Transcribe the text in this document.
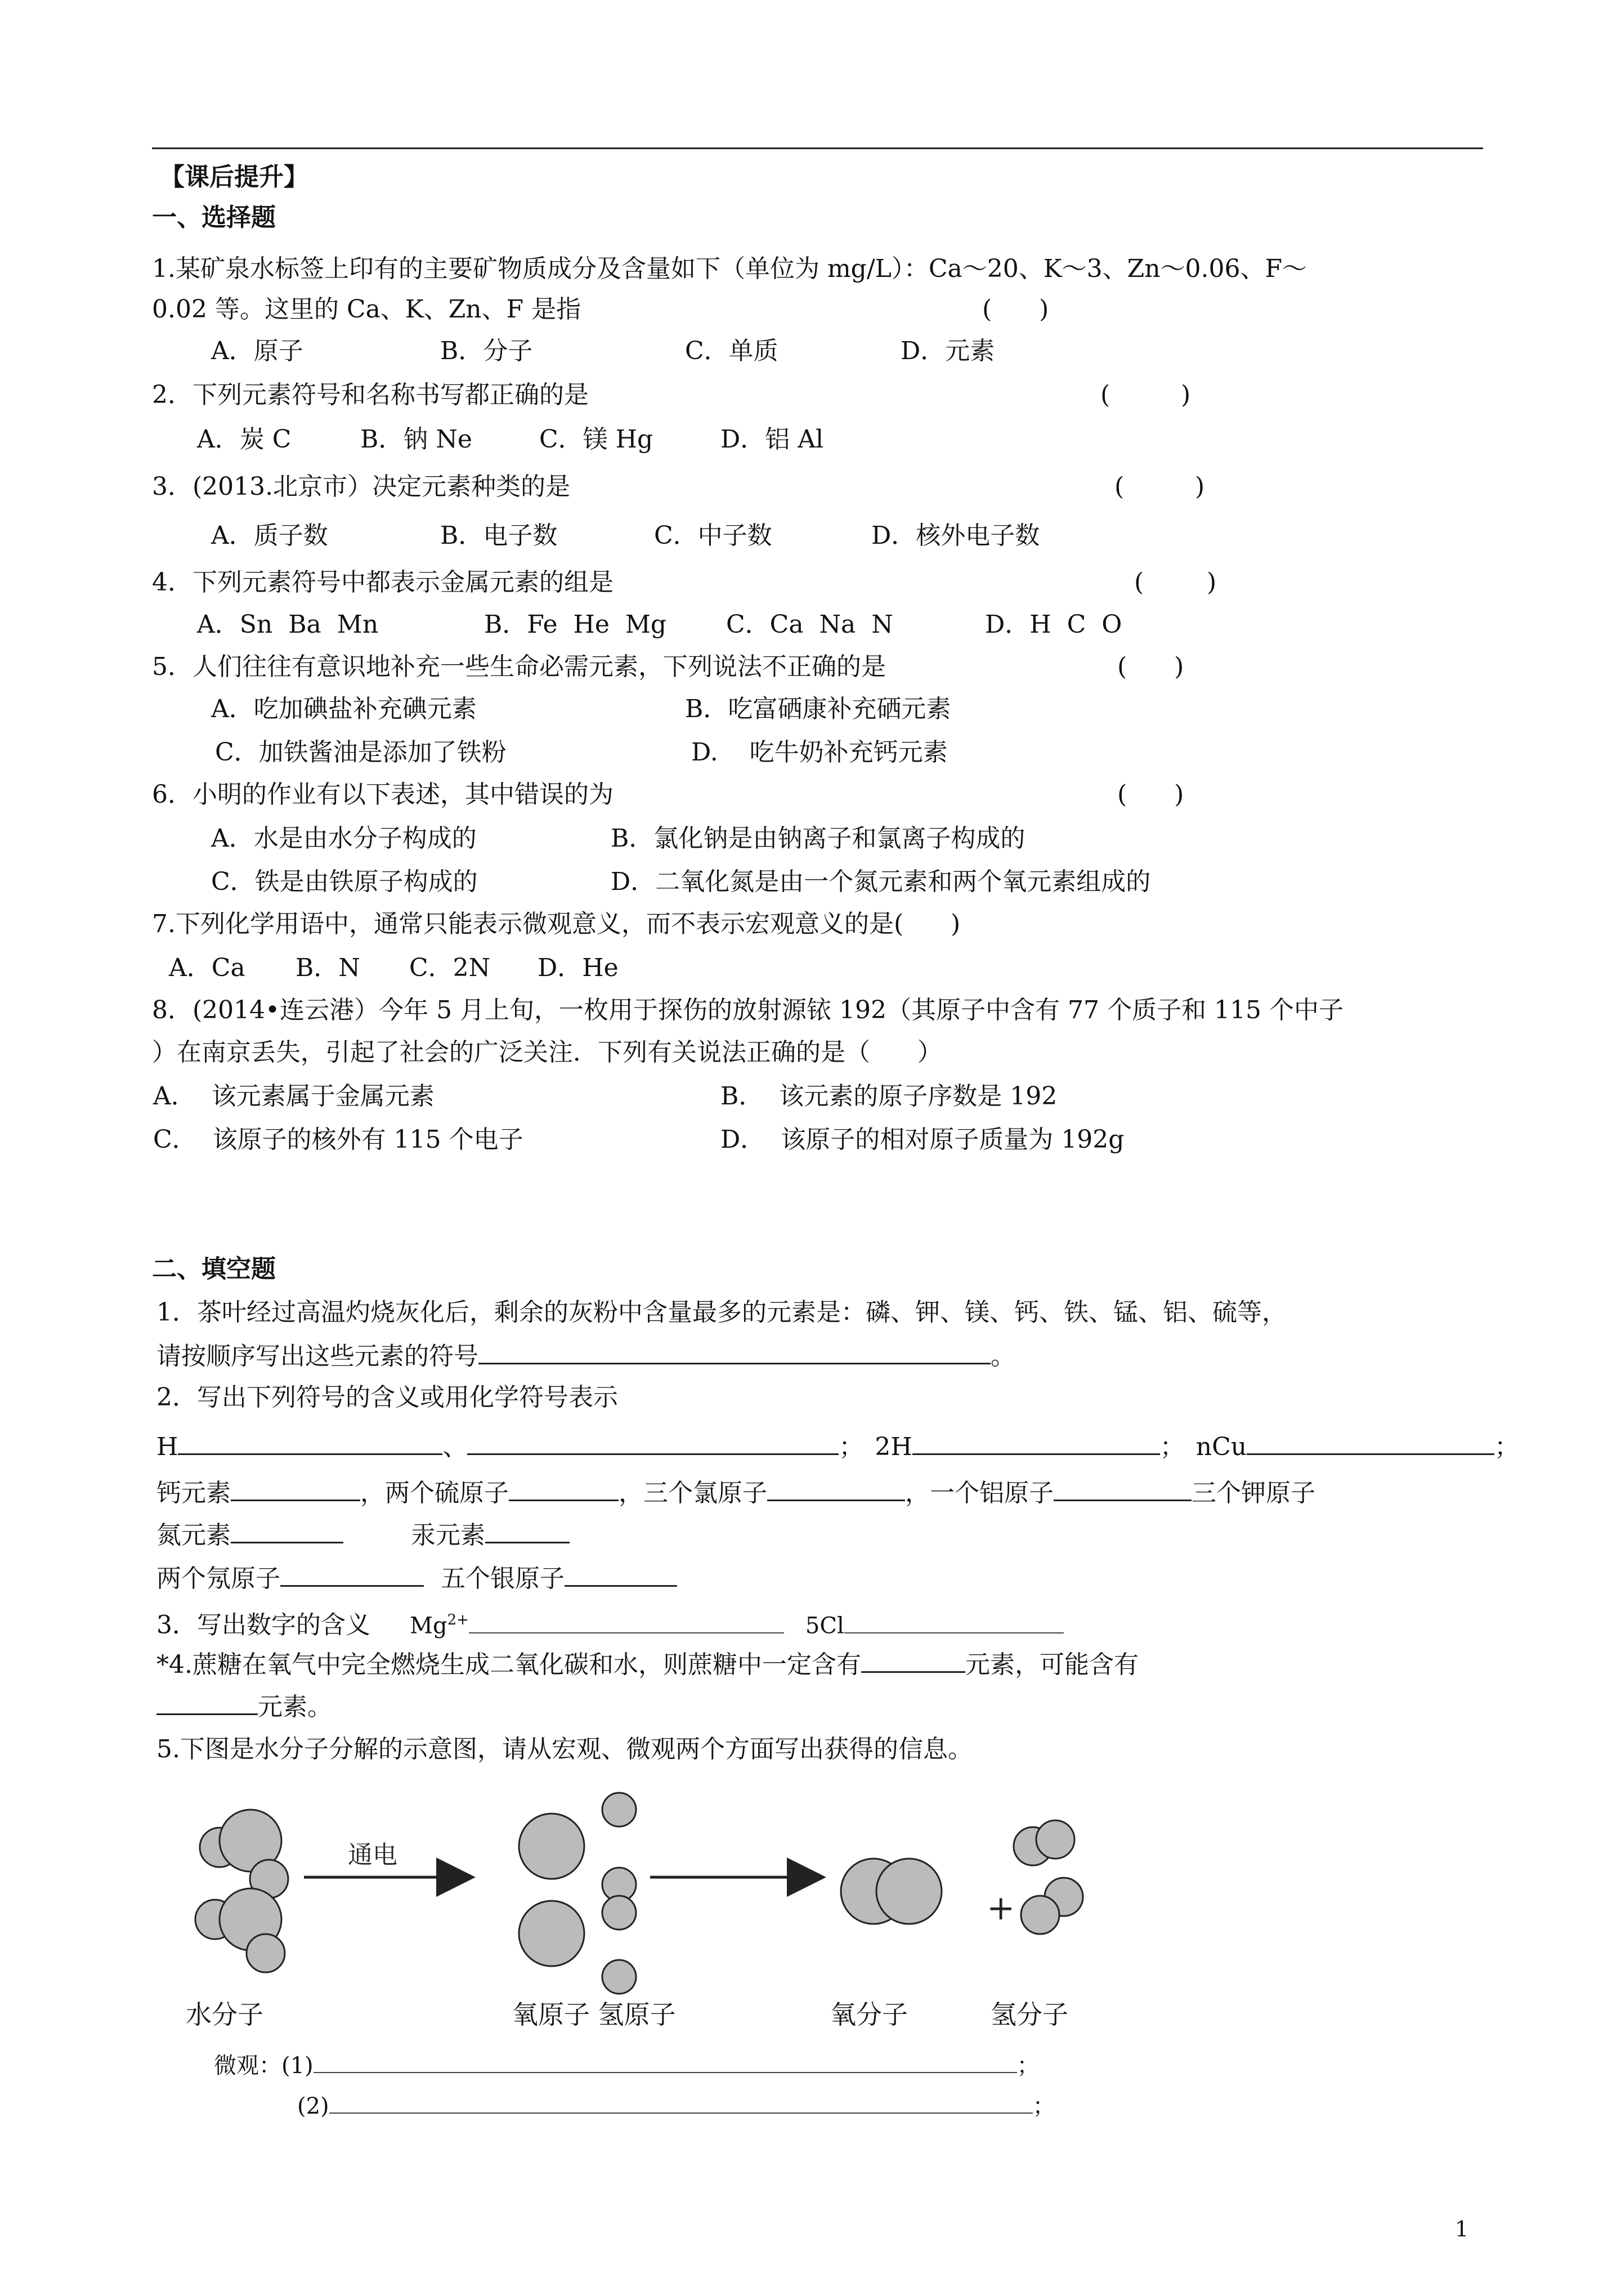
【课后提升】
一、选择题
1.某矿泉水标签上印有的主要矿物质成分及含量如下（单位为 mg/L）：Ca～20、K～3、Zn～0.06、F～
0.02 等。这里的 Ca、K、Zn、F 是指	(      )
A．原子	B．分子	C．单质	D．元素
2．下列元素符号和名称书写都正确的是	(         )
A．炭 C	B．钠 Ne	C．镁 Hg	D．铝 Al
3．(2013.北京市）决定元素种类的是	(         )
A．质子数	B．电子数	C．中子数	D．核外电子数
4．下列元素符号中都表示金属元素的组是	(        )
A．Sn  Ba  Mn	B．Fe  He  Mg C．Ca  Na  N	D．H  C  O
5．人们往往有意识地补充一些生命必需元素，下列说法不正确的是	(      )
A．吃加碘盐补充碘元素	B．吃富硒康补充硒元素
C．加铁酱油是添加了铁粉	D.    吃牛奶补充钙元素
6．小明的作业有以下表述，其中错误的为	(      )
A．水是由水分子构成的	B．氯化钠是由钠离子和氯离子构成的
C．铁是由铁原子构成的	D．二氧化氮是由一个氮元素和两个氧元素组成的
7.下列化学用语中，通常只能表示微观意义，而不表示宏观意义的是(      )
A．Ca B．N C．2N D．He
8．(2014•连云港）今年 5 月上旬，一枚用于探伤的放射源铱 192（其原子中含有 77 个质子和 115 个中子
）在南京丢失，引起了社会的广泛关注．下列有关说法正确的是（      ）
A．  该元素属于金属元素	B．  该元素的原子序数是 192
C．  该原子的核外有 115 个电子	D．  该原子的相对原子质量为 192g
二、填空题
1．茶叶经过高温灼烧灰化后，剩余的灰粉中含量最多的元素是：磷、钾、镁、钙、铁、锰、铝、硫等，
请按顺序写出这些元素的符号	。
2．写出下列符号的含义或用化学符号表示
H	、	； 2H	； nCu	；
钙元素	，两个硫原子	，三个氯原子	，一个铝原子	三个钾原子
氮元素	汞元素
两个氖原子	五个银原子
3．写出数字的含义 $Mg^{2+}$	5Cl
*4.蔗糖在氧气中完全燃烧生成二氧化碳和水，则蔗糖中一定含有	元素，可能含有
元素。
5.下图是水分子分解的示意图，请从宏观、微观两个方面写出获得的信息。
通电
+
水分子	氧原子 氢原子	氧分子	氢分子
微观：(1)	；
(2)	；
1
